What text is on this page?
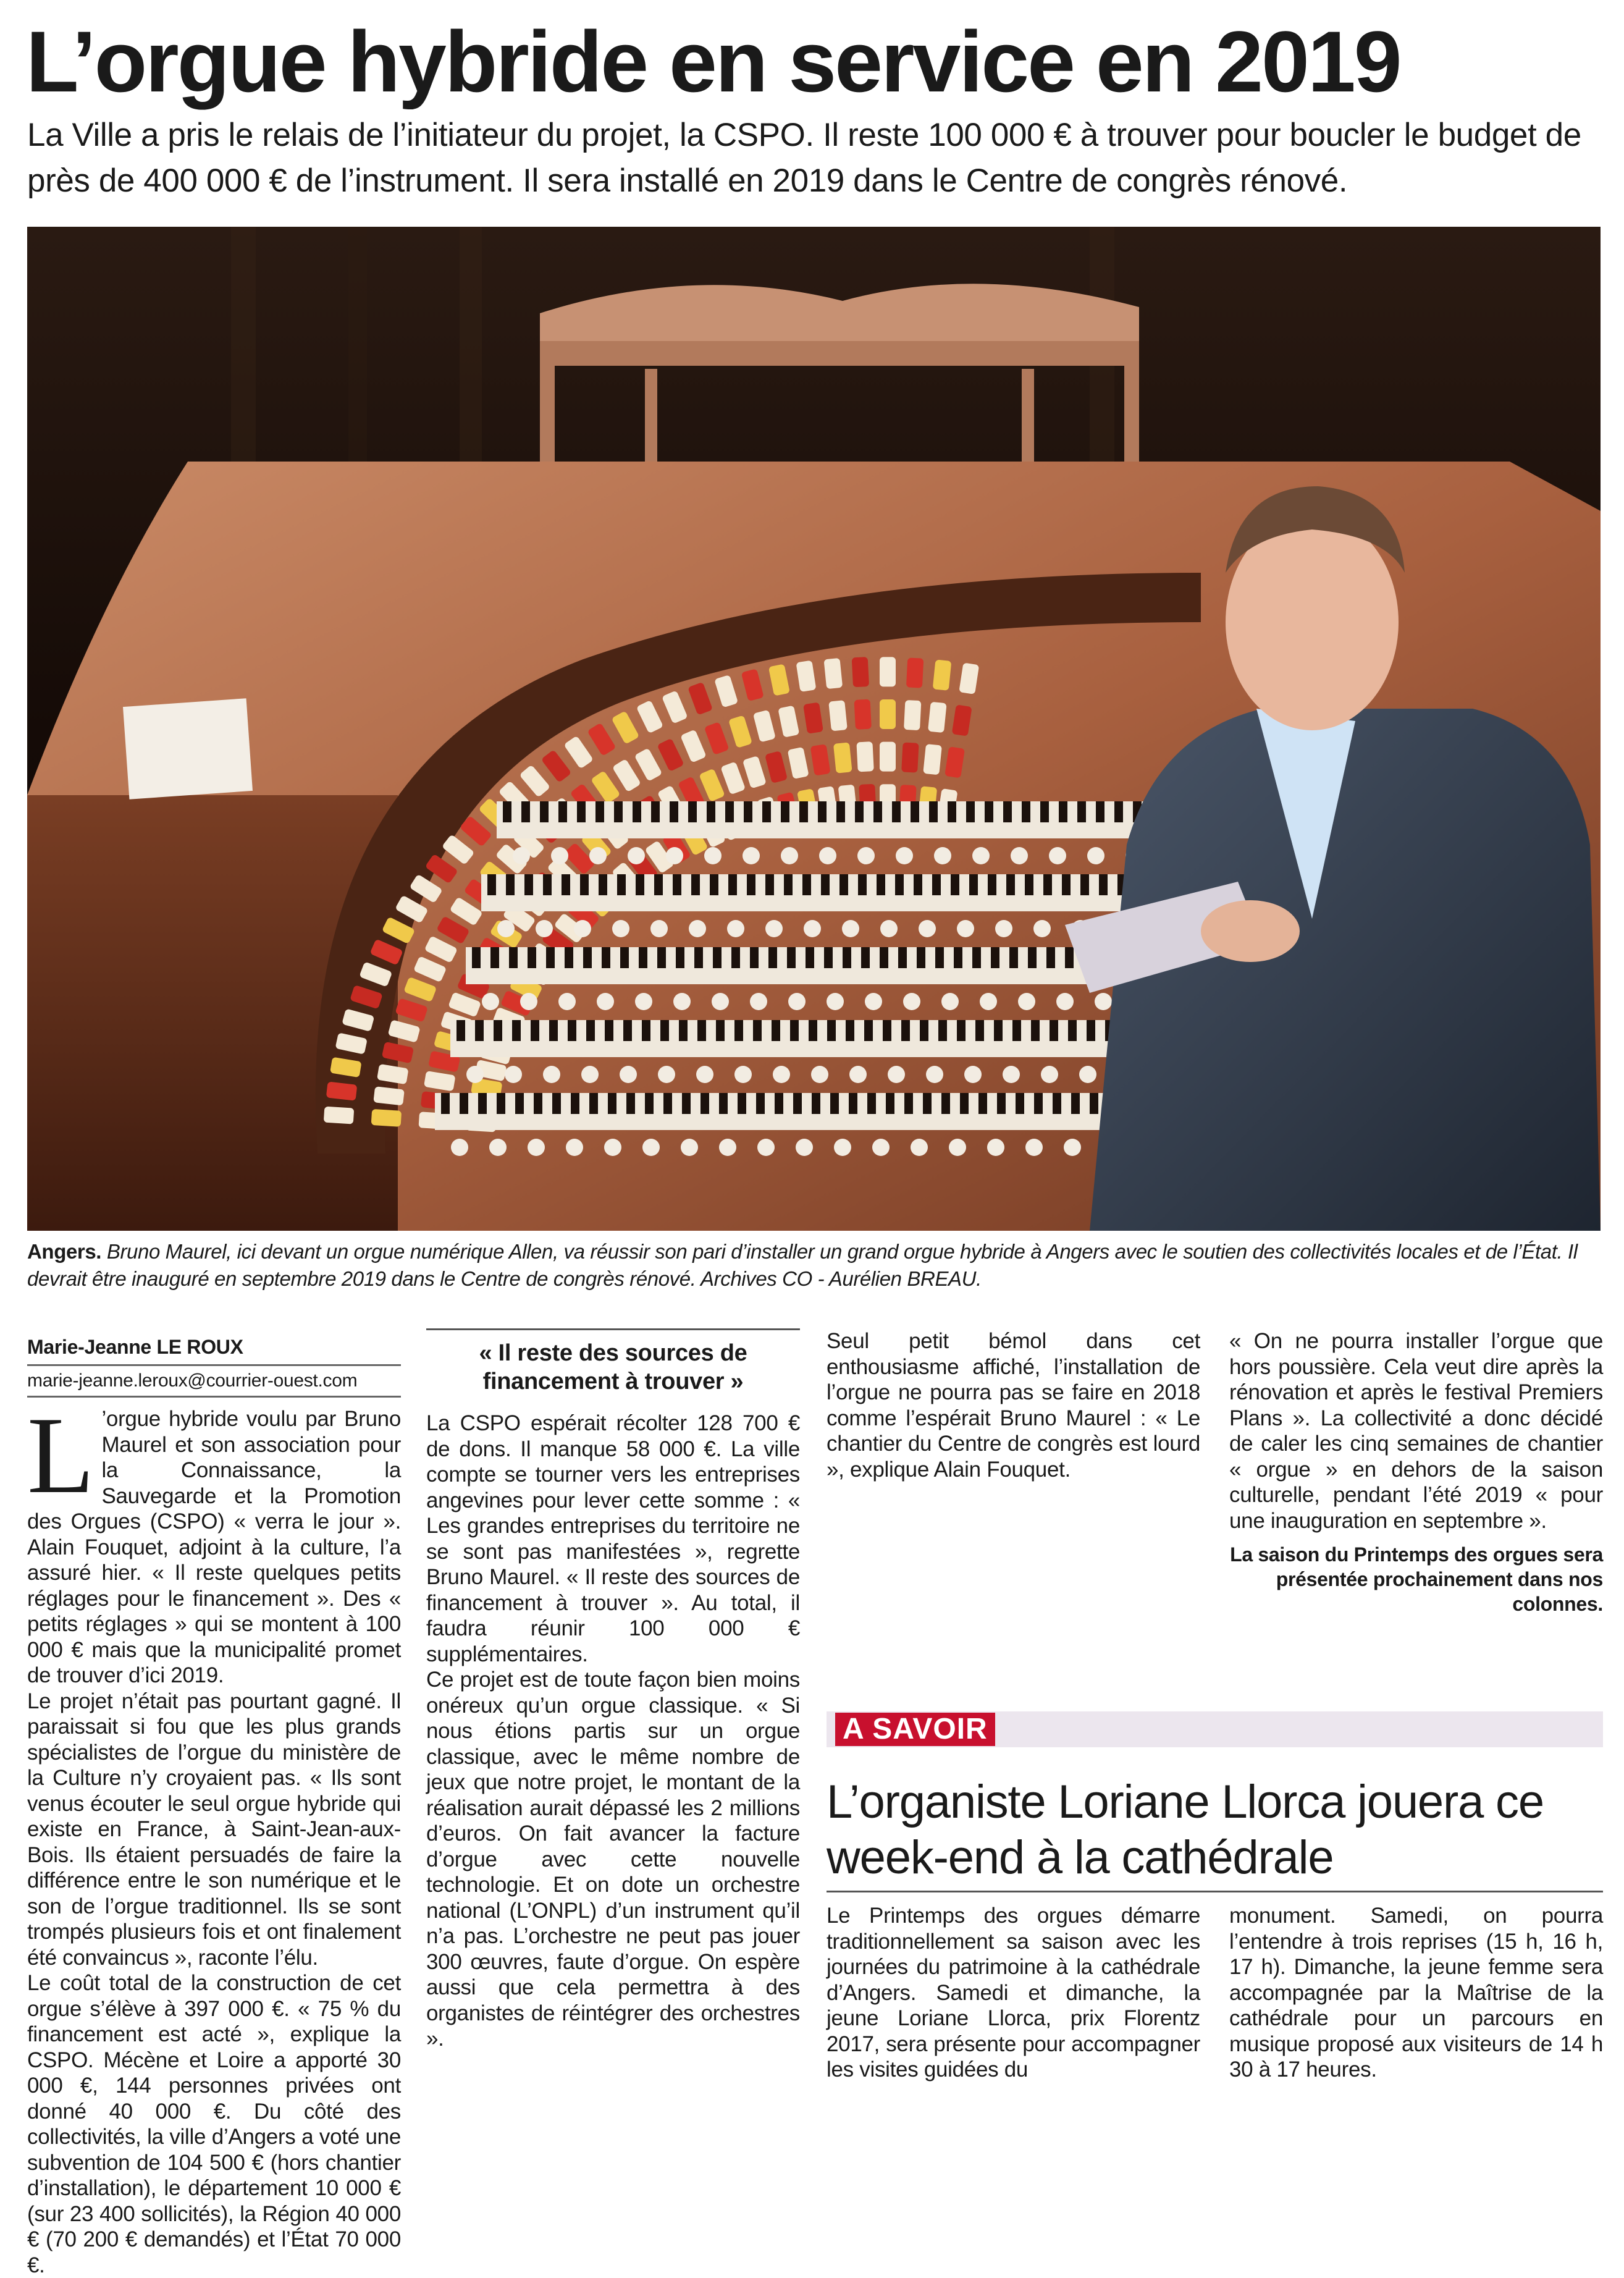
L’orgue hybride en service en 2019
La Ville a pris le relais de l’initiateur du projet, la CSPO. Il reste 100 000 € à trouver pour boucler le budget de près de 400 000 € de l’instrument. Il sera installé en 2019 dans le Centre de congrès rénové.
Angers. Bruno Maurel, ici devant un orgue numérique Allen, va réussir son pari d’installer un grand orgue hybride à Angers avec le soutien des collectivités locales et de l’État. Il devrait être inauguré en septembre 2019 dans le Centre de congrès rénové. Archives CO - Aurélien BREAU.
Marie-Jeanne LE ROUX
marie-jeanne.leroux@courrier-ouest.com

L ’orgue hybride voulu par Bruno Maurel et son association pour la Connaissance, la Sauvegarde et la Promotion des Orgues (CSPO) « verra le jour ». Alain Fouquet, adjoint à la culture, l’a assuré hier. « Il reste quelques petits réglages pour le financement ». Des « petits réglages » qui se montent à 100 000 € mais que la municipalité promet de trouver d’ici 2019.

Le projet n’était pas pourtant gagné. Il paraissait si fou que les plus grands spécialistes de l’orgue du ministère de la Culture n’y croyaient pas. « Ils sont venus écouter le seul orgue hybride qui existe en France, à Saint-Jean-aux-Bois. Ils étaient persuadés de faire la différence entre le son numérique et le son de l’orgue traditionnel. Ils se sont trompés plusieurs fois et ont finalement été convaincus », raconte l’élu.

Le coût total de la construction de cet orgue s’élève à 397 000 €. « 75 % du financement est acté », explique la CSPO. Mécène et Loire a apporté 30 000 €, 144 personnes privées ont donné 40 000 €. Du côté des collectivités, la ville d’Angers a voté une subvention de 104 500 € (hors chantier d’installation), le département 10 000 € (sur 23 400 sollicités), la Région 40 000 € (70 200 € demandés) et l’État 70 000 €.

« Il reste des sources de financement à trouver »

La CSPO espérait récolter 128 700 € de dons. Il manque 58 000 €. La ville compte se tourner vers les entreprises angevines pour lever cette somme : « Les grandes entreprises du territoire ne se sont pas manifestées », regrette Bruno Maurel. « Il reste des sources de financement à trouver ». Au total, il faudra réunir 100 000 € supplémentaires.

Ce projet est de toute façon bien moins onéreux qu’un orgue classique. « Si nous étions partis sur un orgue classique, avec le même nombre de jeux que notre projet, le montant de la réalisation aurait dépassé les 2 millions d’euros. On fait avancer la facture d’orgue avec cette nouvelle technologie. Et on dote un orchestre national (L’ONPL) d’un instrument qu’il n’a pas. L’orchestre ne peut pas jouer 300 œuvres, faute d’orgue. On espère aussi que cela permettra à des organistes de réintégrer des orchestres ».

Seul petit bémol dans cet enthousiasme affiché, l’installation de l’orgue ne pourra pas se faire en 2018 comme l’espérait Bruno Maurel : « Le chantier du Centre de congrès est lourd », explique Alain Fouquet.

« On ne pourra installer l’orgue que hors poussière. Cela veut dire après la rénovation et après le festival Premiers Plans ». La collectivité a donc décidé de caler les cinq semaines de chantier « orgue » en dehors de la saison culturelle, pendant l’été 2019 « pour une inauguration en septembre ».

La saison du Printemps des orgues sera présentée prochainement dans nos colonnes.

A SAVOIR
L’organiste Loriane Llorca jouera ce week-end à la cathédrale

Le Printemps des orgues démarre traditionnellement sa saison avec les journées du patrimoine à la cathédrale d’Angers. Samedi et dimanche, la jeune Loriane Llorca, prix Florentz 2017, sera présente pour accompagner les visites guidées du

monument. Samedi, on pourra l’entendre à trois reprises (15 h, 16 h, 17 h). Dimanche, la jeune femme sera accompagnée par la Maîtrise de la cathédrale pour un parcours en musique proposé aux visiteurs de 14 h 30 à 17 heures.
